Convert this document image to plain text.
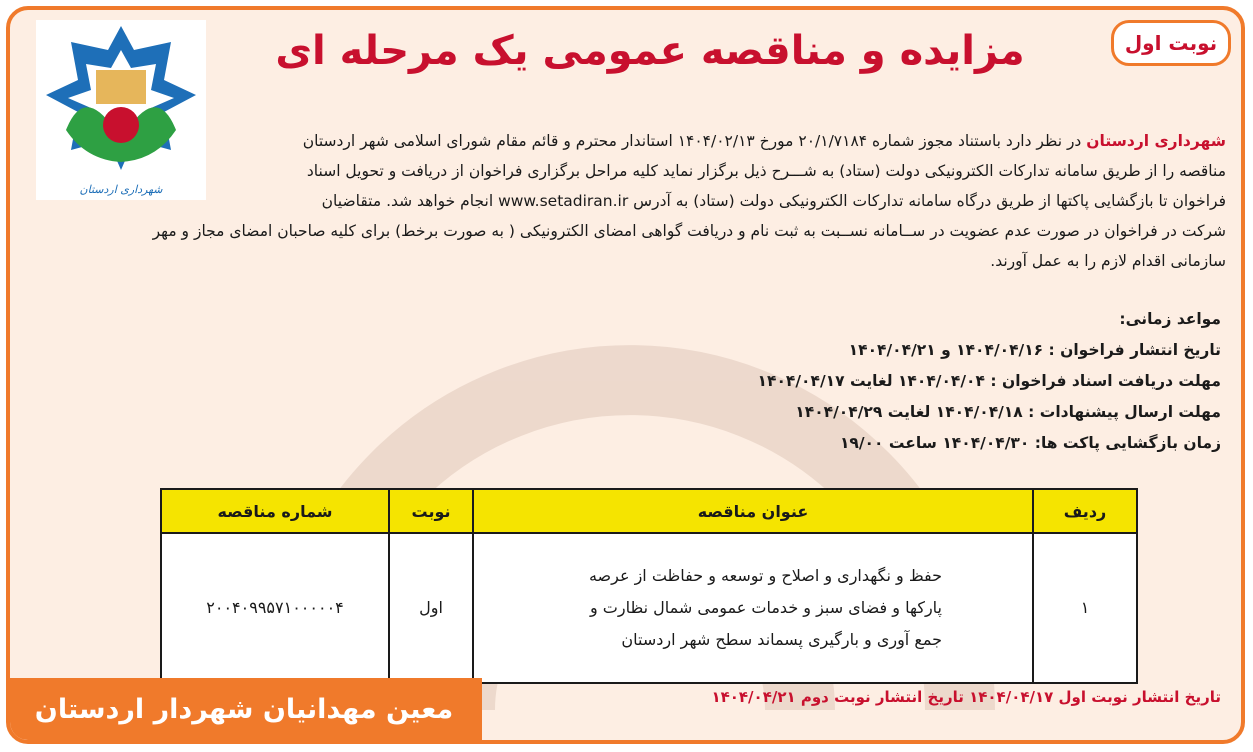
نوبت اول
شهرداری اردستان
مزایده و مناقصه عمومی یک مرحله ای
شهرداری اردستان در نظر دارد باستناد مجوز شماره ۲۰/۱/۷۱۸۴ مورخ ۱۴۰۴/۰۲/۱۳ استاندار محترم و قائم مقام شورای اسلامی شهر اردستان
مناقصه را از طریق سامانه تدارکات الکترونیکی دولت (ستاد) به شـــرح ذیل برگزار نماید کلیه مراحل برگزاری فراخوان از دریافت و تحویل اسناد
فراخوان تا بازگشایی پاکتها از طریق درگاه سامانه تدارکات الکترونیکی دولت (ستاد) به آدرس www.setadiran.ir انجام خواهد شد. متقاضیان
شرکت در فراخوان در صورت عدم عضویت در ســامانه نســبت به ثبت نام و دریافت گواهی امضای الکترونیکی ( به صورت برخط) برای کلیه صاحبان امضای مجاز و مهر
سازمانی اقدام لازم را به عمل آورند.
مواعد زمانی:
تاریخ انتشار فراخوان : ۱۴۰۴/۰۴/۱۶ و ۱۴۰۴/۰۴/۲۱
مهلت دریافت اسناد فراخوان : ۱۴۰۴/۰۴/۰۴ لغایت ۱۴۰۴/۰۴/۱۷
مهلت ارسال پیشنهادات : ۱۴۰۴/۰۴/۱۸ لغایت ۱۴۰۴/۰۴/۲۹
زمان بازگشایی پاکت ها: ۱۴۰۴/۰۴/۳۰ ساعت ۱۹/۰۰
ردیف	عنوان مناقصه	نوبت	شماره مناقصه
۱	حفظ و نگهداری و اصلاح و توسعه و حفاظت از عرصه
پارکها و فضای سبز و خدمات عمومی شمال نظارت و
جمع آوری و بارگیری پسماند سطح شهر اردستان	اول	۲۰۰۴۰۹۹۵۷۱۰۰۰۰۰۴
تاریخ انتشار نوبت اول ۱۴۰۴/۰۴/۱۷ تاریخ انتشار نوبت دوم ۱۴۰۴/۰۴/۲۱
معین مهدانیان شهردار اردستان
